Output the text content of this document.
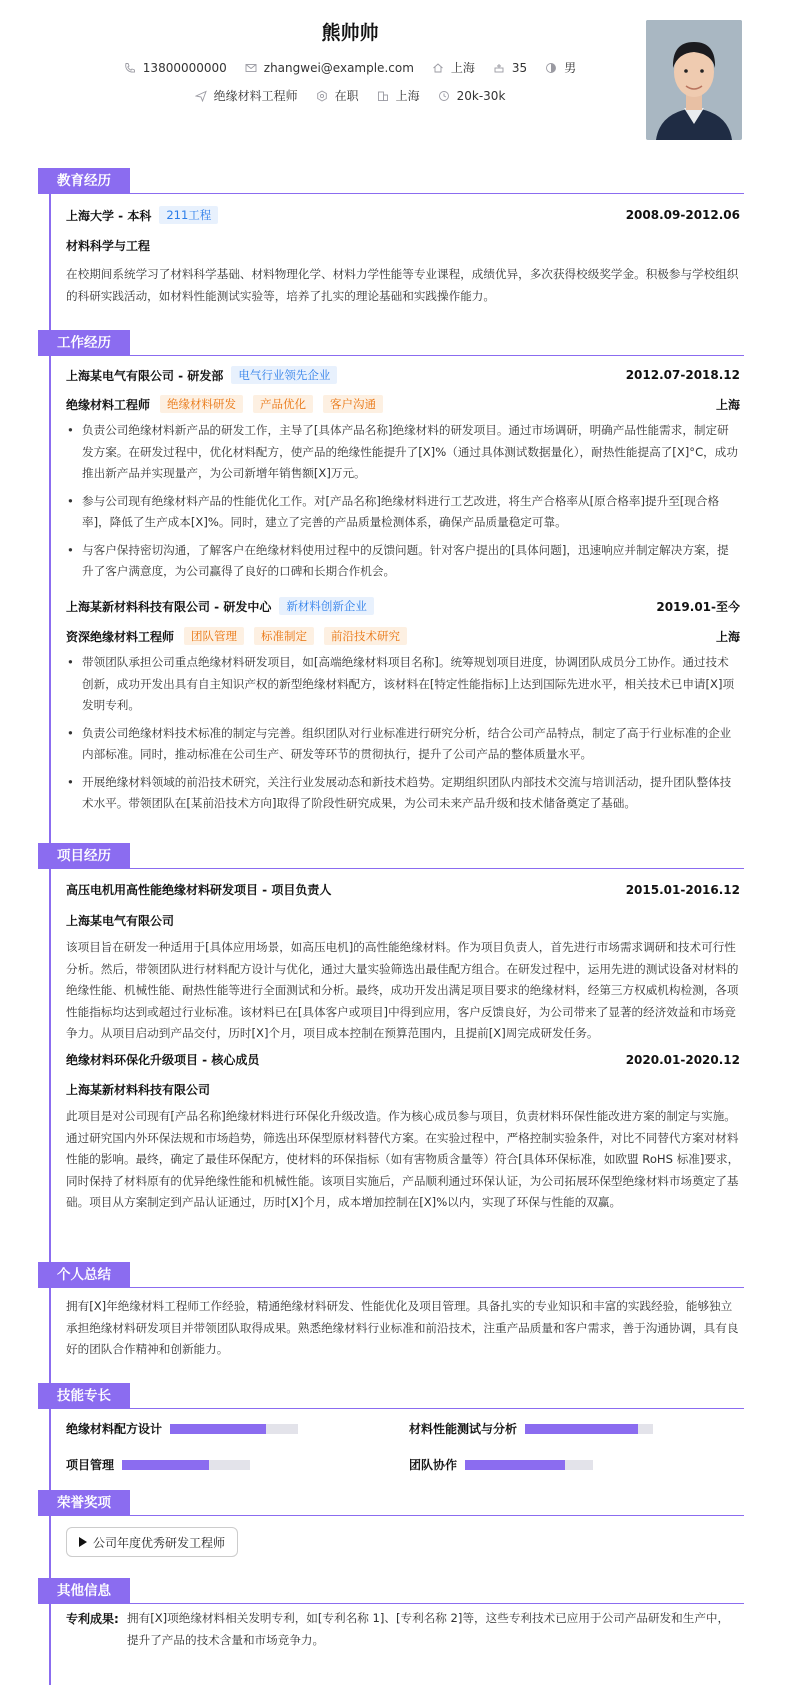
熊帅帅
13800000000	zhangwei@example.com	上海	35	男
绝缘材料工程师	在职	上海	20k-30k
教育经历
上海大学 - 本科	211工程	2008.09-2012.06
材料科学与工程
在校期间系统学习了材料科学基础、材料物理化学、材料力学性能等专业课程，成绩优异，多次获得校级奖学金。积极参与学校组织的科研实践活动，如材料性能测试实验等，培养了扎实的理论基础和实践操作能力。
工作经历
上海某电气有限公司 - 研发部	电气行业领先企业	2012.07-2018.12
绝缘材料工程师	绝缘材料研发	产品优化	客户沟通	上海
• 负责公司绝缘材料新产品的研发工作，主导了[具体产品名称]绝缘材料的研发项目。通过市场调研，明确产品性能需求，制定研发方案。在研发过程中，优化材料配方，使产品的绝缘性能提升了[X]%（通过具体测试数据量化），耐热性能提高了[X]°C，成功推出新产品并实现量产，为公司新增年销售额[X]万元。
• 参与公司现有绝缘材料产品的性能优化工作。对[产品名称]绝缘材料进行工艺改进，将生产合格率从[原合格率]提升至[现合格率]，降低了生产成本[X]%。同时，建立了完善的产品质量检测体系，确保产品质量稳定可靠。
• 与客户保持密切沟通，了解客户在绝缘材料使用过程中的反馈问题。针对客户提出的[具体问题]，迅速响应并制定解决方案，提升了客户满意度，为公司赢得了良好的口碑和长期合作机会。
上海某新材料科技有限公司 - 研发中心	新材料创新企业	2019.01-至今
资深绝缘材料工程师	团队管理	标准制定	前沿技术研究	上海
• 带领团队承担公司重点绝缘材料研发项目，如[高端绝缘材料项目名称]。统筹规划项目进度，协调团队成员分工协作。通过技术创新，成功开发出具有自主知识产权的新型绝缘材料配方，该材料在[特定性能指标]上达到国际先进水平，相关技术已申请[X]项发明专利。
• 负责公司绝缘材料技术标准的制定与完善。组织团队对行业标准进行研究分析，结合公司产品特点，制定了高于行业标准的企业内部标准。同时，推动标准在公司生产、研发等环节的贯彻执行，提升了公司产品的整体质量水平。
• 开展绝缘材料领域的前沿技术研究，关注行业发展动态和新技术趋势。定期组织团队内部技术交流与培训活动，提升团队整体技术水平。带领团队在[某前沿技术方向]取得了阶段性研究成果，为公司未来产品升级和技术储备奠定了基础。
项目经历
高压电机用高性能绝缘材料研发项目 - 项目负责人	2015.01-2016.12
上海某电气有限公司
该项目旨在研发一种适用于[具体应用场景，如高压电机]的高性能绝缘材料。作为项目负责人，首先进行市场需求调研和技术可行性分析。然后，带领团队进行材料配方设计与优化，通过大量实验筛选出最佳配方组合。在研发过程中，运用先进的测试设备对材料的绝缘性能、机械性能、耐热性能等进行全面测试和分析。最终，成功开发出满足项目要求的绝缘材料，经第三方权威机构检测，各项性能指标均达到或超过行业标准。该材料已在[具体客户或项目]中得到应用，客户反馈良好，为公司带来了显著的经济效益和市场竞争力。从项目启动到产品交付，历时[X]个月，项目成本控制在预算范围内，且提前[X]周完成研发任务。
绝缘材料环保化升级项目 - 核心成员	2020.01-2020.12
上海某新材料科技有限公司
此项目是对公司现有[产品名称]绝缘材料进行环保化升级改造。作为核心成员参与项目，负责材料环保性能改进方案的制定与实施。通过研究国内外环保法规和市场趋势，筛选出环保型原材料替代方案。在实验过程中，严格控制实验条件，对比不同替代方案对材料性能的影响。最终，确定了最佳环保配方，使材料的环保指标（如有害物质含量等）符合[具体环保标准，如欧盟 RoHS 标准]要求，同时保持了材料原有的优异绝缘性能和机械性能。该项目实施后，产品顺利通过环保认证，为公司拓展环保型绝缘材料市场奠定了基础。项目从方案制定到产品认证通过，历时[X]个月，成本增加控制在[X]%以内，实现了环保与性能的双赢。
个人总结
拥有[X]年绝缘材料工程师工作经验，精通绝缘材料研发、性能优化及项目管理。具备扎实的专业知识和丰富的实践经验，能够独立承担绝缘材料研发项目并带领团队取得成果。熟悉绝缘材料行业标准和前沿技术，注重产品质量和客户需求，善于沟通协调，具有良好的团队合作精神和创新能力。
技能专长
绝缘材料配方设计	材料性能测试与分析
项目管理	团队协作
荣誉奖项
公司年度优秀研发工程师
其他信息
专利成果: 拥有[X]项绝缘材料相关发明专利，如[专利名称 1]、[专利名称 2]等，这些专利技术已应用于公司产品研发和生产中，提升了产品的技术含量和市场竞争力。
